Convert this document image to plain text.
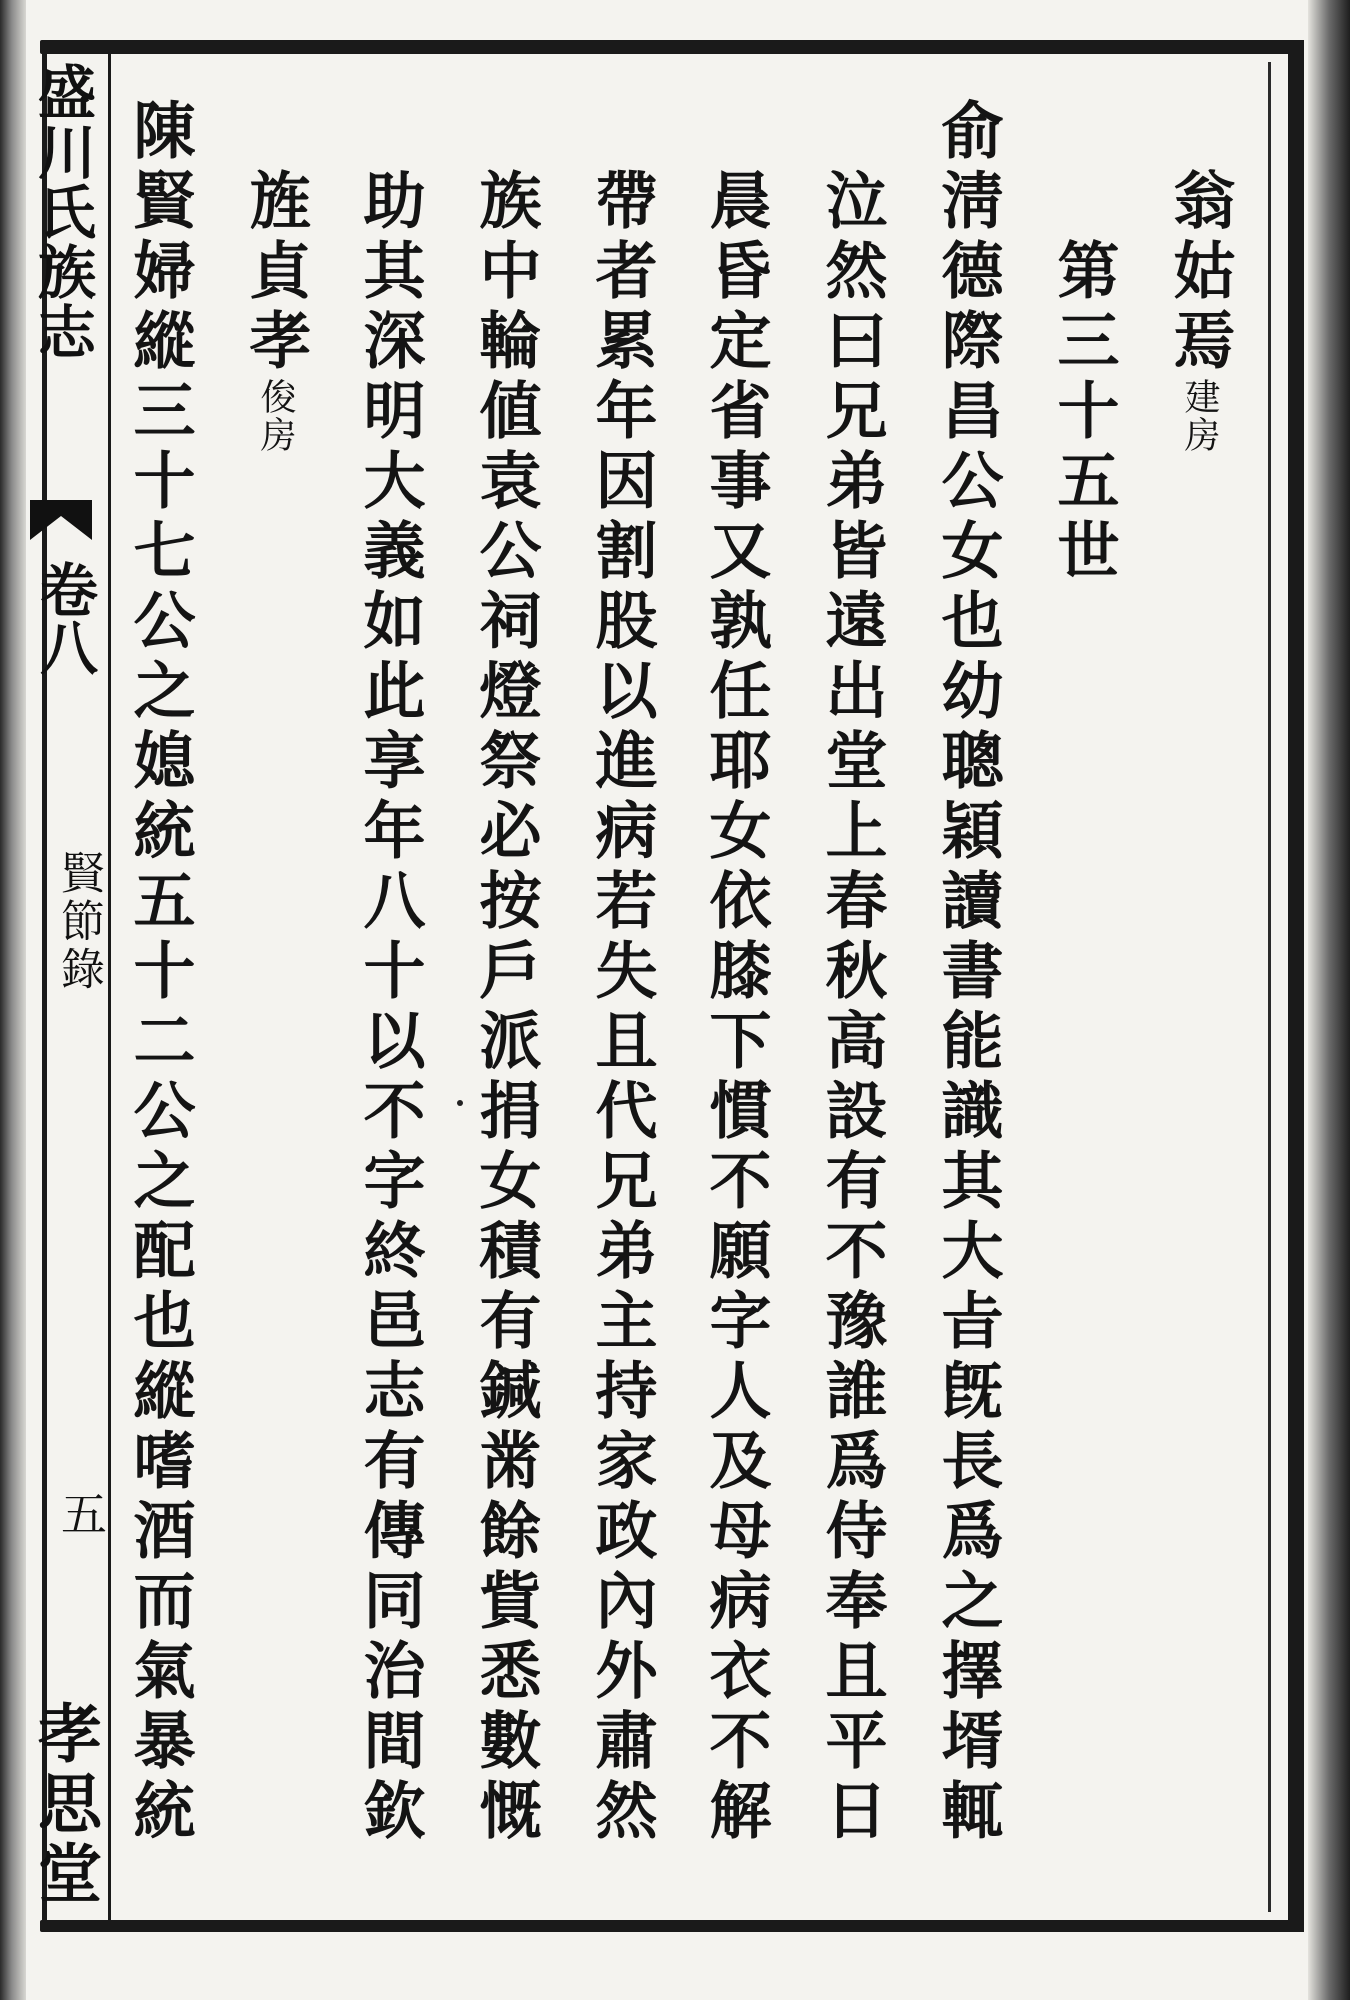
翁姑焉建房
第三十五世
俞淸德際昌公女也幼聰穎讀書能識其大㫖旣長爲之擇壻輒
泣然曰兄弟皆遠出堂上春秋高設有不豫誰爲侍奉且平日
晨昏定省事又孰任耶女依膝下慣不願字人及母病衣不解
帶者累年因割股以進病若失且代兄弟主持家政內外肅然
族中輪値袁公祠燈祭必按戶派捐女積有鍼黹餘貲悉數慨
助其深明大義如此享年八十以不字終邑志有傳同治間欽
旌貞孝俊房
陳賢婦縱三十七公之媳統五十二公之配也縱嗜酒而氣暴統
盛川氏族志
卷八
賢節錄
五
孝思堂
